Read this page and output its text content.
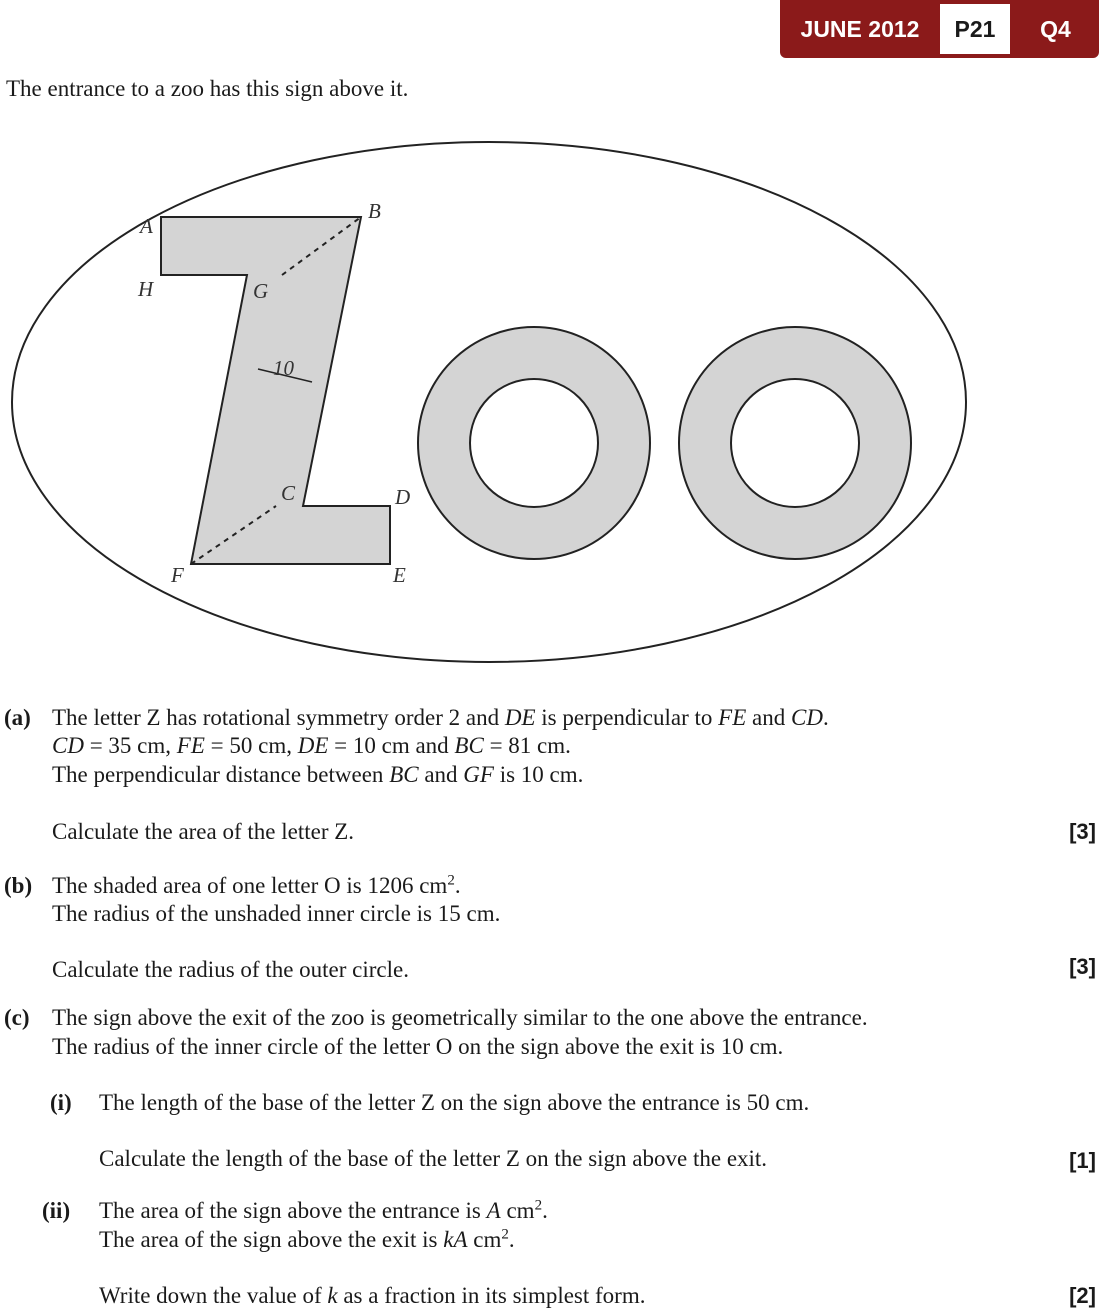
JUNE 2012	P21	Q4
The entrance to a zoo has this sign above it.
A
B
H	G
10
C	D
F	E
(a) The letter Z has rotational symmetry order 2 and DE is perpendicular to FE and CD.
CD = 35 cm, FE = 50 cm, DE = 10 cm and BC = 81 cm.
The perpendicular distance between BC and GF is 10 cm.
Calculate the area of the letter Z.	[3]
(b) The shaded area of one letter O is 1206 $cm^2$.
The radius of the unshaded inner circle is 15 cm.
Calculate the radius of the outer circle.	[3]
(c) The sign above the exit of the zoo is geometrically similar to the one above the entrance.
The radius of the inner circle of the letter O on the sign above the exit is 10 cm.
(i) The length of the base of the letter Z on the sign above the entrance is 50 cm.
Calculate the length of the base of the letter Z on the sign above the exit.	[1]
(ii) The area of the sign above the entrance is A $cm^2$.
The area of the sign above the exit is kA $cm^2$.
Write down the value of k as a fraction in its simplest form.	[2]
